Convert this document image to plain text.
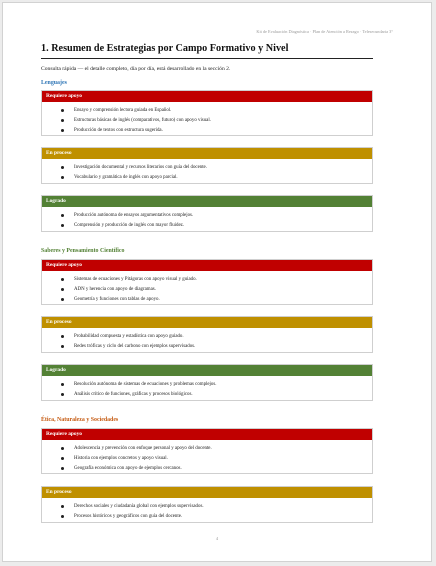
Kit de Evaluación Diagnóstica · Plan de Atención a Rezago · Telesecundaria 3°
1. Resumen de Estrategias por Campo Formativo y Nivel
Consulta rápida — el detalle completo, día por día, está desarrollado en la sección 2.
Lenguajes
Requiere apoyo
Ensayo y comprensión lectora guiada en Español.
Estructuras básicas de inglés (comparativos, futuro) con apoyo visual.
Producción de textos con estructura sugerida.
En proceso
Investigación documental y recursos literarios con guía del docente.
Vocabulario y gramática de inglés con apoyo parcial.
Logrado
Producción autónoma de ensayos argumentativos complejos.
Comprensión y producción de inglés con mayor fluidez.
Saberes y Pensamiento Científico
Requiere apoyo
Sistemas de ecuaciones y Pitágoras con apoyo visual y guiado.
ADN y herencia con apoyo de diagramas.
Geometría y funciones con tablas de apoyo.
En proceso
Probabilidad compuesta y estadística con apoyo guiado.
Redes tróficas y ciclo del carbono con ejemplos supervisados.
Logrado
Resolución autónoma de sistemas de ecuaciones y problemas complejos.
Análisis crítico de funciones, gráficas y procesos biológicos.
Ética, Naturaleza y Sociedades
Requiere apoyo
Adolescencia y prevención con enfoque personal y apoyo del docente.
Historia con ejemplos concretos y apoyo visual.
Geografía económica con apoyo de ejemplos cercanos.
En proceso
Derechos sociales y ciudadanía global con ejemplos supervisados.
Procesos históricos y geográficos con guía del docente.
4
